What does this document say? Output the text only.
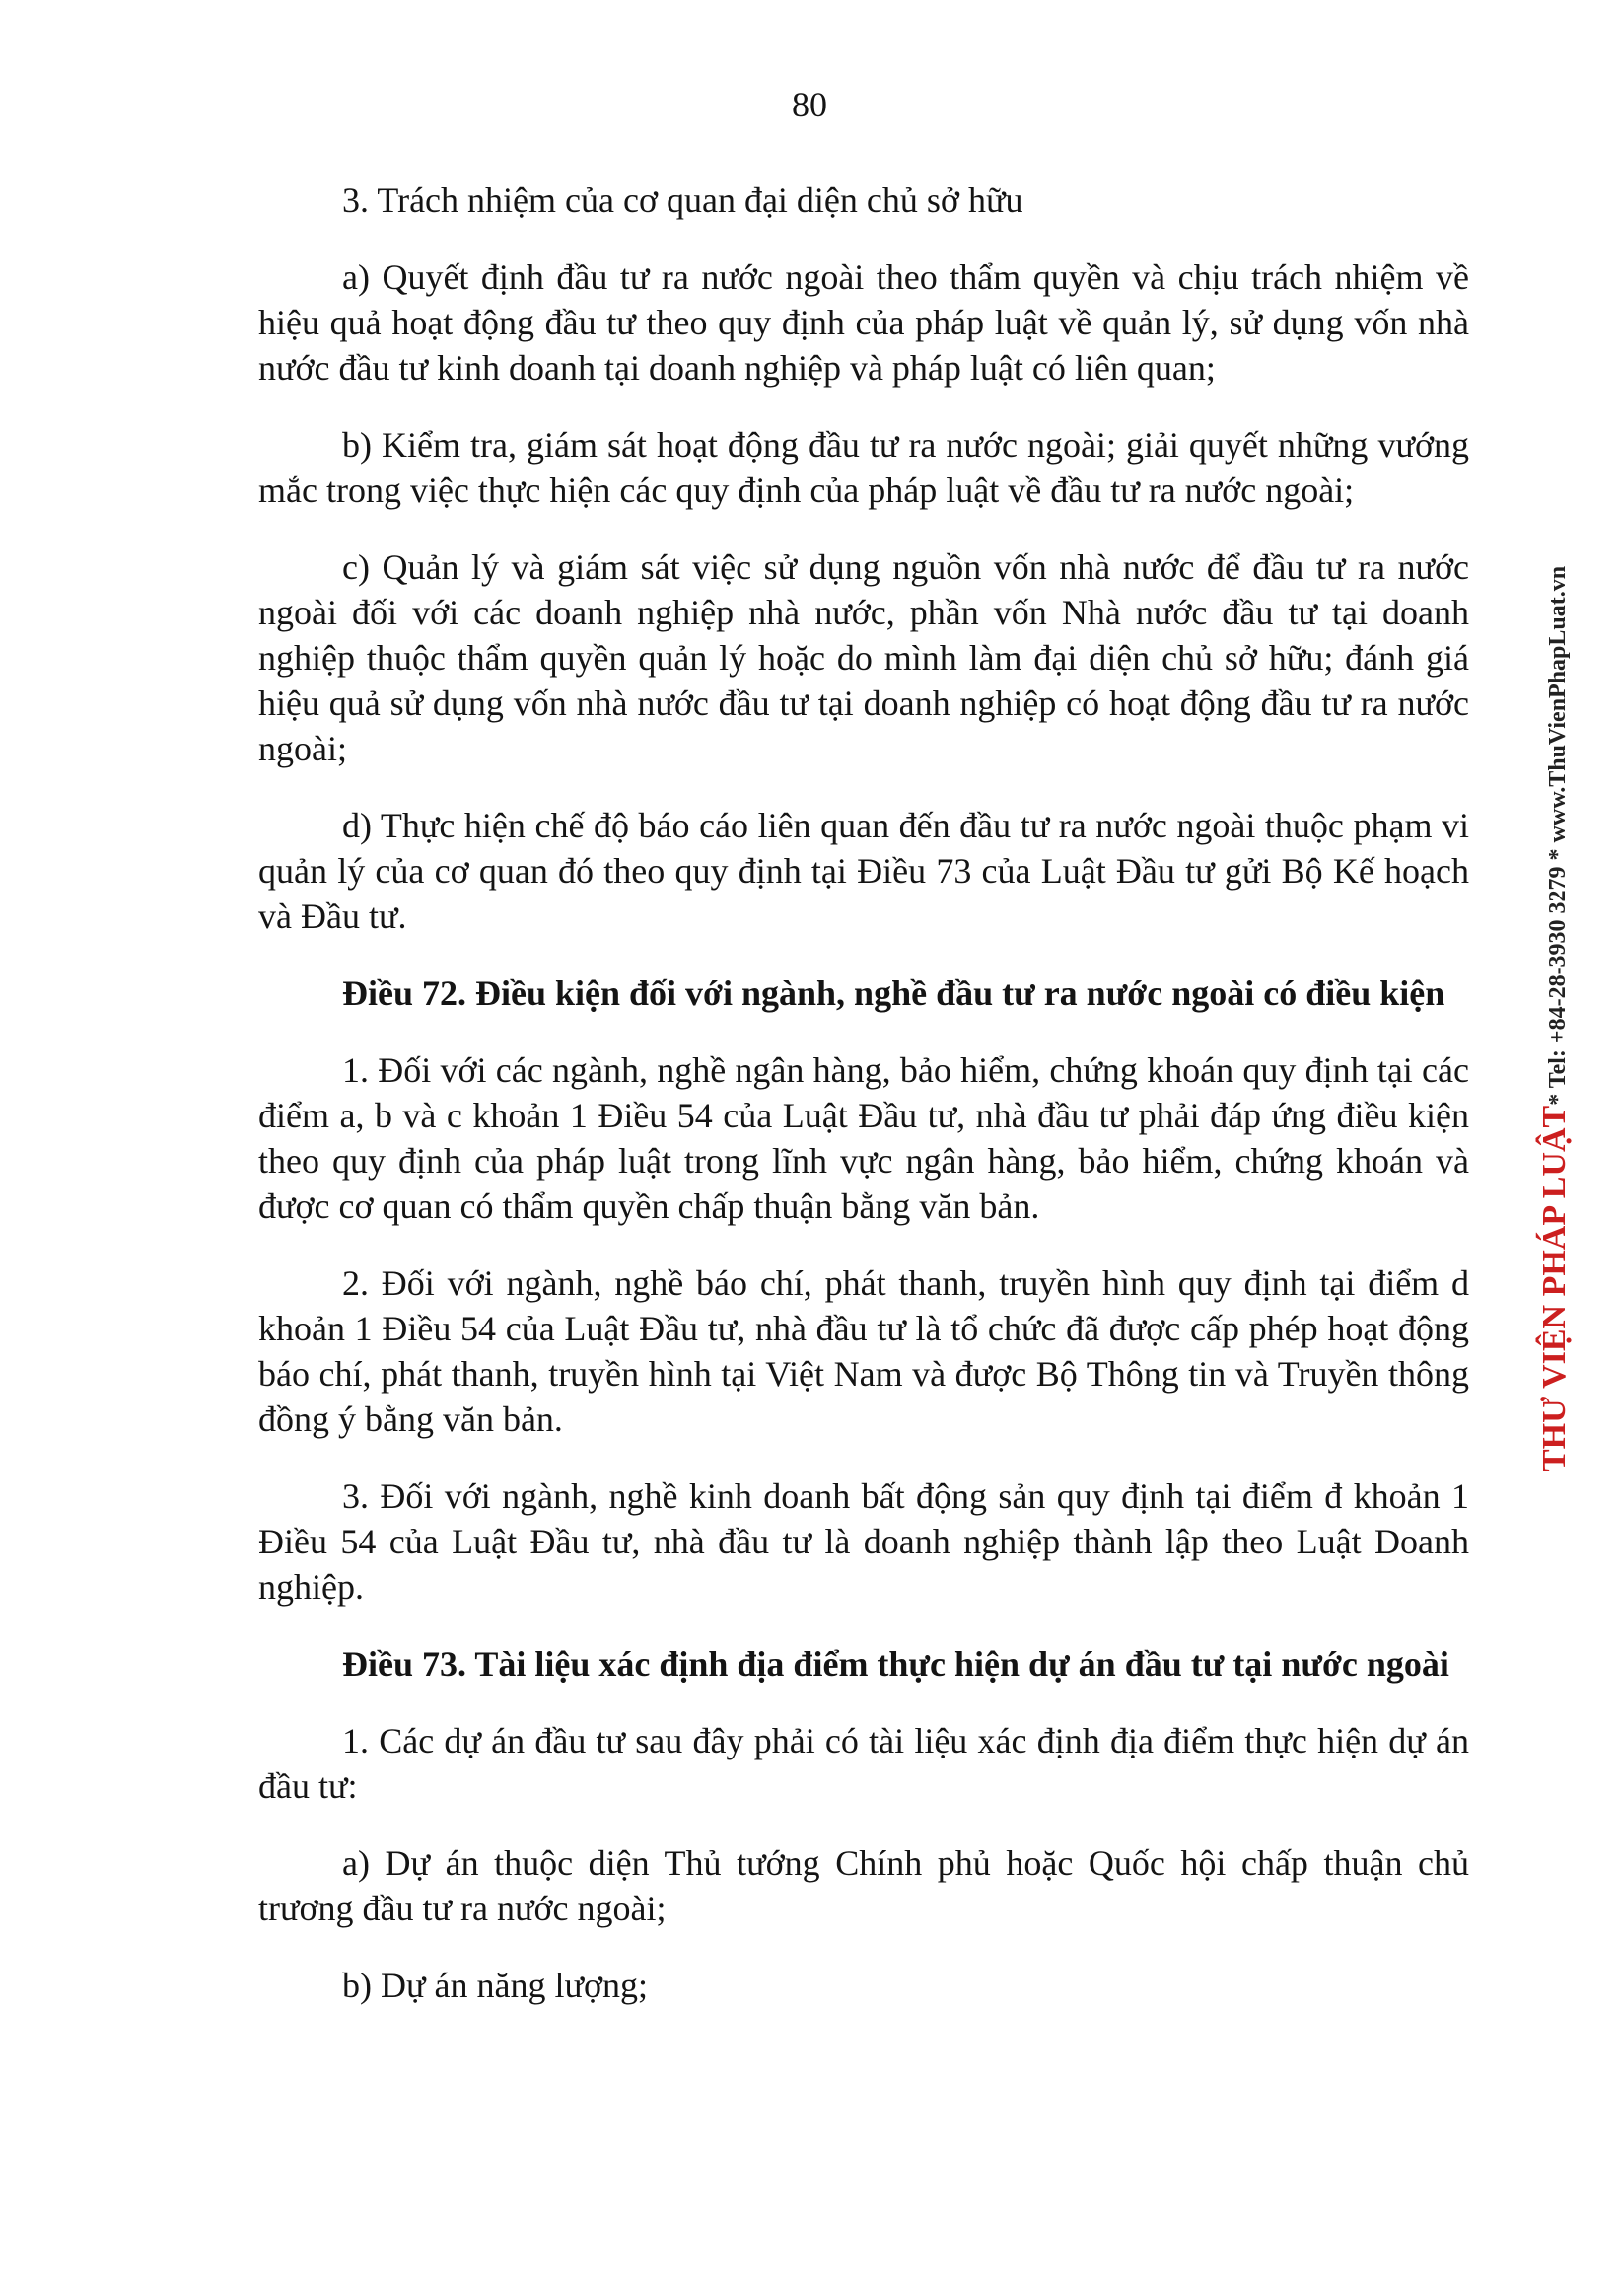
80

3. Trách nhiệm của cơ quan đại diện chủ sở hữu

a) Quyết định đầu tư ra nước ngoài theo thẩm quyền và chịu trách nhiệm về hiệu quả hoạt động đầu tư theo quy định của pháp luật về quản lý, sử dụng vốn nhà nước đầu tư kinh doanh tại doanh nghiệp và pháp luật có liên quan;

b) Kiểm tra, giám sát hoạt động đầu tư ra nước ngoài; giải quyết những vướng mắc trong việc thực hiện các quy định của pháp luật về đầu tư ra nước ngoài;

c) Quản lý và giám sát việc sử dụng nguồn vốn nhà nước để đầu tư ra nước ngoài đối với các doanh nghiệp nhà nước, phần vốn Nhà nước đầu tư tại doanh nghiệp thuộc thẩm quyền quản lý hoặc do mình làm đại diện chủ sở hữu; đánh giá hiệu quả sử dụng vốn nhà nước đầu tư tại doanh nghiệp có hoạt động đầu tư ra nước ngoài;

d) Thực hiện chế độ báo cáo liên quan đến đầu tư ra nước ngoài thuộc phạm vi quản lý của cơ quan đó theo quy định tại Điều 73 của Luật Đầu tư gửi Bộ Kế hoạch và Đầu tư.

Điều 72. Điều kiện đối với ngành, nghề đầu tư ra nước ngoài có điều kiện

1. Đối với các ngành, nghề ngân hàng, bảo hiểm, chứng khoán quy định tại các điểm a, b và c khoản 1 Điều 54 của Luật Đầu tư, nhà đầu tư phải đáp ứng điều kiện theo quy định của pháp luật trong lĩnh vực ngân hàng, bảo hiểm, chứng khoán và được cơ quan có thẩm quyền chấp thuận bằng văn bản.

2. Đối với ngành, nghề báo chí, phát thanh, truyền hình quy định tại điểm d khoản 1 Điều 54 của Luật Đầu tư, nhà đầu tư là tổ chức đã được cấp phép hoạt động báo chí, phát thanh, truyền hình tại Việt Nam và được Bộ Thông tin và Truyền thông đồng ý bằng văn bản.

3. Đối với ngành, nghề kinh doanh bất động sản quy định tại điểm đ khoản 1 Điều 54 của Luật Đầu tư, nhà đầu tư là doanh nghiệp thành lập theo Luật Doanh nghiệp.

Điều 73. Tài liệu xác định địa điểm thực hiện dự án đầu tư tại nước ngoài

1. Các dự án đầu tư sau đây phải có tài liệu xác định địa điểm thực hiện dự án đầu tư:

a) Dự án thuộc diện Thủ tướng Chính phủ hoặc Quốc hội chấp thuận chủ trương đầu tư ra nước ngoài;

b) Dự án năng lượng;

THƯ VIỆN PHÁP LUẬT* Tel: +84-28-3930 3279 * www.ThuVienPhapLuat.vn
